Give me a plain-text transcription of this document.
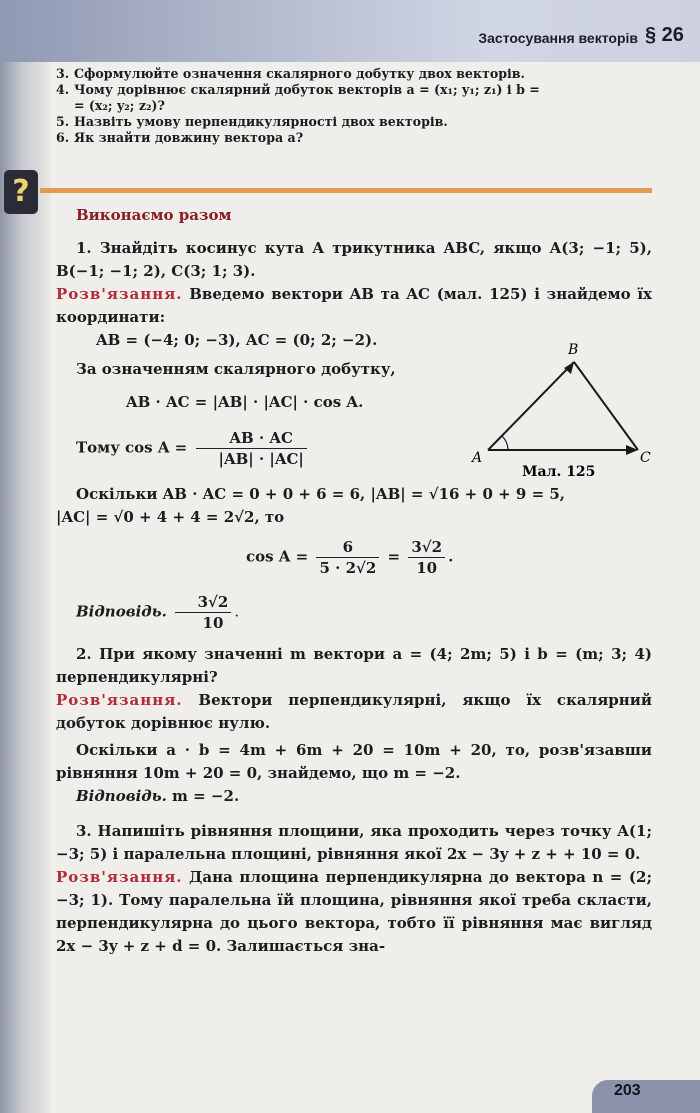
Застосування векторів § 26
3. Сформулюйте означення скалярного добутку двох векторів.
4. Чому дорівнює скалярний добуток векторів a = (x₁; y₁; z₁) і b =
= (x₂; y₂; z₂)?
5. Назвіть умову перпендикулярності двох векторів.
6. Як знайти довжину вектора a?
?

Виконаємо разом

1. Знайдіть косинус кута A трикутника ABC, якщо A(3; −1; 5), B(−1; −1; 2), C(3; 1; 3).

Розв'язання. Введемо вектори AB та AC (мал. 125) і знайдемо їх координати:

AB = (−4; 0; −3), AC = (0; 2; −2).

За означенням скалярного добутку,

AB · AC = |AB| · |AC| · cos A.

Тому $\cos A = \frac{AB \cdot AC}{|AB| \cdot |AC|}$

Оскільки AB · AC = 0 + 0 + 6 = 6, |AB| = √16 + 0 + 9 = 5,

|AC| = √0 + 4 + 4 = 2√2, то

$\cos A = \frac{6}{5 \cdot 2√2} = \frac{3√2}{10}$ .

Відповідь. $\frac{3√2}{10}$ .

2. При якому значенні m вектори a = (4; 2m; 5) і b = (m; 3; 4) перпендикулярні?

Розв'язання. Вектори перпендикулярні, якщо їх скалярний добуток дорівнює нулю.

Оскільки a · b = 4m + 6m + 20 = 10m + 20, то, розв'язавши рівняння 10m + 20 = 0, знайдемо, що m = −2.

Відповідь. m = −2.

3. Напишіть рівняння площини, яка проходить через точку A(1; −3; 5) і паралельна площині, рівняння якої 2x − 3y + z + + 10 = 0.

Розв'язання. Дана площина перпендикулярна до вектора n = (2; −3; 1). Тому паралельна їй площина, рівняння якої треба скласти, перпендикулярна до цього вектора, тобто її рівняння має вигляд 2x − 3y + z + d = 0. Залишається зна-

A
B
C
Мал. 125
203
